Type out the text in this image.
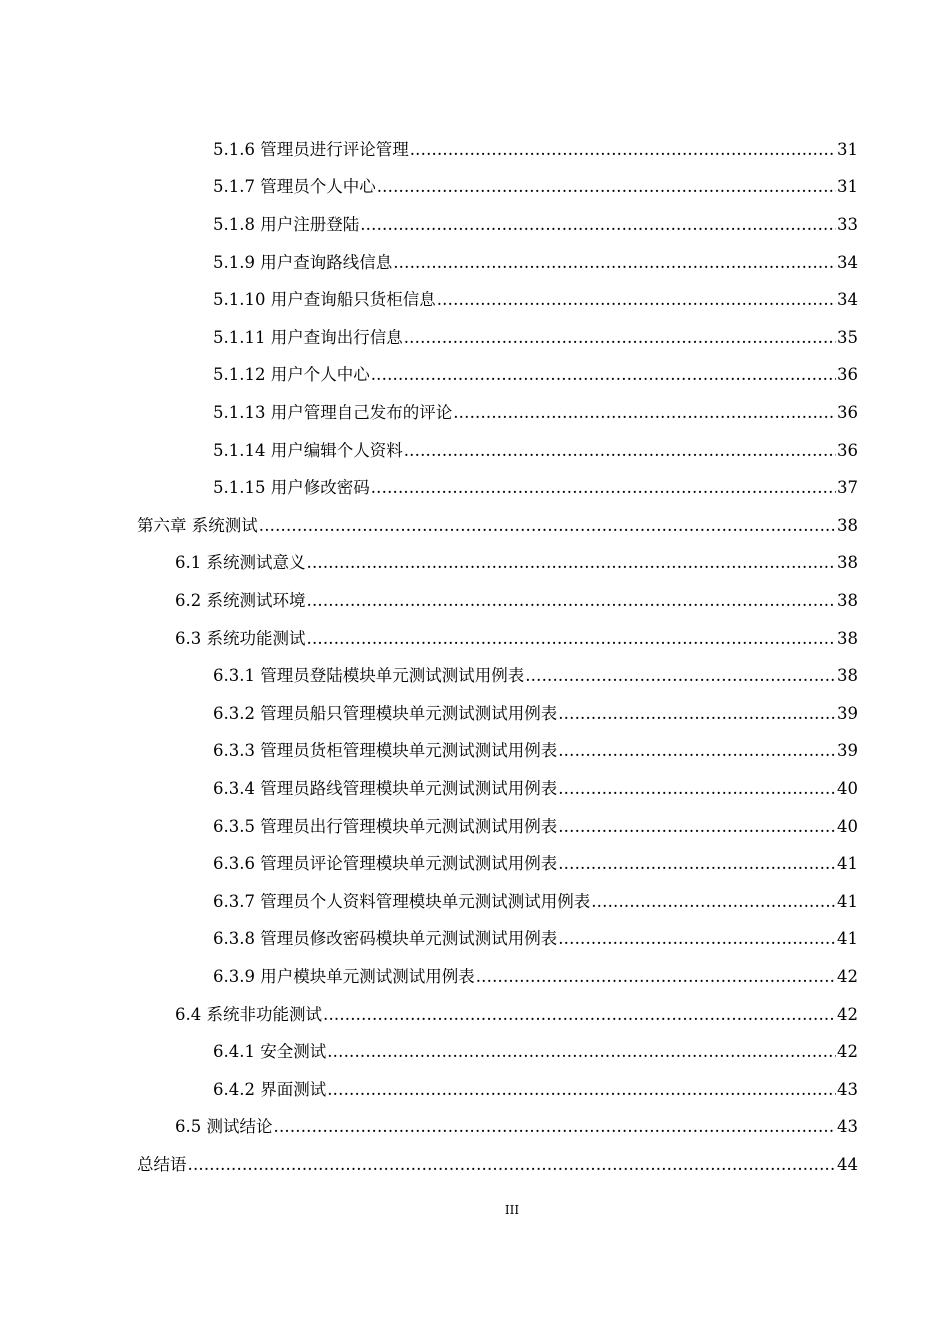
5.1.6 管理员进行评论管理 .....	31
5.1.7 管理员个人中心 .....	31
5.1.8 用户注册登陆 .....	33
5.1.9 用户查询路线信息 .....	34
5.1.10 用户查询船只货柜信息 .....	34
5.1.11 用户查询出行信息 .....	35
5.1.12 用户个人中心 .....	36
5.1.13 用户管理自己发布的评论 .....	36
5.1.14 用户编辑个人资料 .....	36
5.1.15 用户修改密码 .....	37
第六章 系统测试 .....	38
6.1 系统测试意义 .....	38
6.2 系统测试环境 .....	38
6.3 系统功能测试 .....	38
6.3.1 管理员登陆模块单元测试测试用例表 .....	38
6.3.2 管理员船只管理模块单元测试测试用例表 .....	39
6.3.3 管理员货柜管理模块单元测试测试用例表 .....	39
6.3.4 管理员路线管理模块单元测试测试用例表 .....	40
6.3.5 管理员出行管理模块单元测试测试用例表 .....	40
6.3.6 管理员评论管理模块单元测试测试用例表 .....	41
6.3.7 管理员个人资料管理模块单元测试测试用例表 .....	41
6.3.8 管理员修改密码模块单元测试测试用例表 .....	41
6.3.9 用户模块单元测试测试用例表 .....	42
6.4 系统非功能测试 .....	42
6.4.1 安全测试 .....	42
6.4.2 界面测试 .....	43
6.5 测试结论 .....	43
总结语 .....	44
III
